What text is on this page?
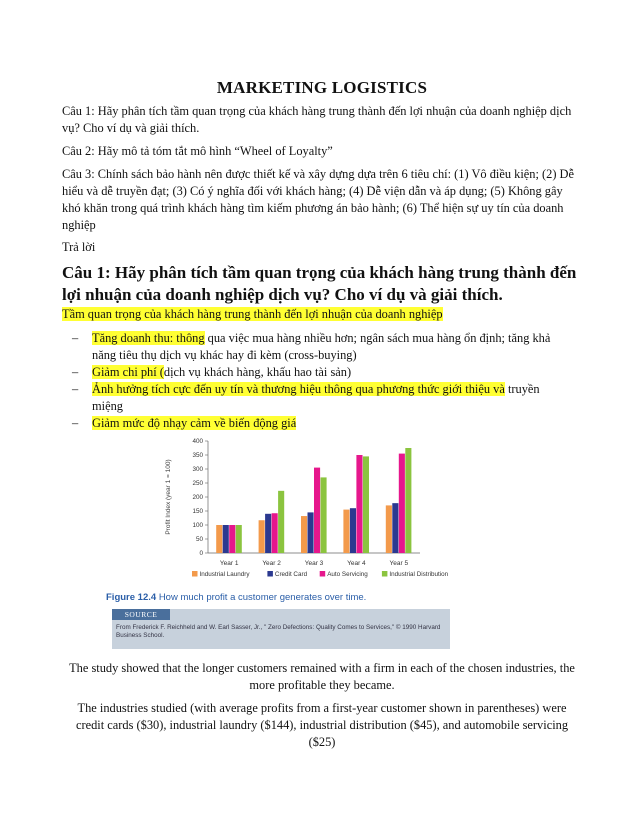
MARKETING LOGISTICS
Câu 1: Hãy phân tích tầm quan trọng của khách hàng trung thành đến lợi nhuận của doanh nghiệp dịch vụ? Cho ví dụ và giải thích.
Câu 2: Hãy mô tả tóm tắt mô hình “Wheel of Loyalty”
Câu 3: Chính sách bảo hành nên được thiết kế và xây dựng dựa trên 6 tiêu chí: (1) Vô điều kiện; (2) Dễ hiểu và dễ truyền đạt; (3) Có ý nghĩa đối với khách hàng; (4) Dễ viện dẫn và áp dụng; (5) Không gây khó khăn trong quá trình khách hàng tìm kiếm phương án bảo hành; (6) Thể hiện sự uy tín của doanh nghiệp
Trả lời
Câu 1: Hãy phân tích tầm quan trọng của khách hàng trung thành đến lợi nhuận của doanh nghiệp dịch vụ? Cho ví dụ và giải thích.
Tầm quan trọng của khách hàng trung thành đến lợi nhuận của doanh nghiệp
– Tăng doanh thu: thông qua việc mua hàng nhiều hơn; ngân sách mua hàng ổn định; tăng khả năng tiêu thụ dịch vụ khác hay đi kèm (cross-buying)
– Giảm chi phí (dịch vụ khách hàng, khấu hao tài sản)
– Ảnh hưởng tích cực đến uy tín và thương hiệu thông qua phương thức giới thiệu và truyền miệng
– Giảm mức độ nhạy cảm về biến động giá
The study showed that the longer customers remained with a firm in each of the chosen industries, the more profitable they became.
The industries studied (with average profits from a first-year customer shown in parentheses) were credit cards ($30), industrial laundry ($144), industrial distribution ($45), and automobile servicing ($25)
Profit Index (year 1 = 100)
0
50
100
150
200
250
300
350
400
Year 1	Year 2	Year 3	Year 4	Year 5
Industrial Laundry	Credit Card	Auto Servicing	Industrial Distribution
Figure 12.4 How much profit a customer generates over time.
SOURCE
From Frederick F. Reichheld and W. Earl Sasser, Jr., " Zero Defections: Quality Comes to Services," © 1990 Harvard Business School.
